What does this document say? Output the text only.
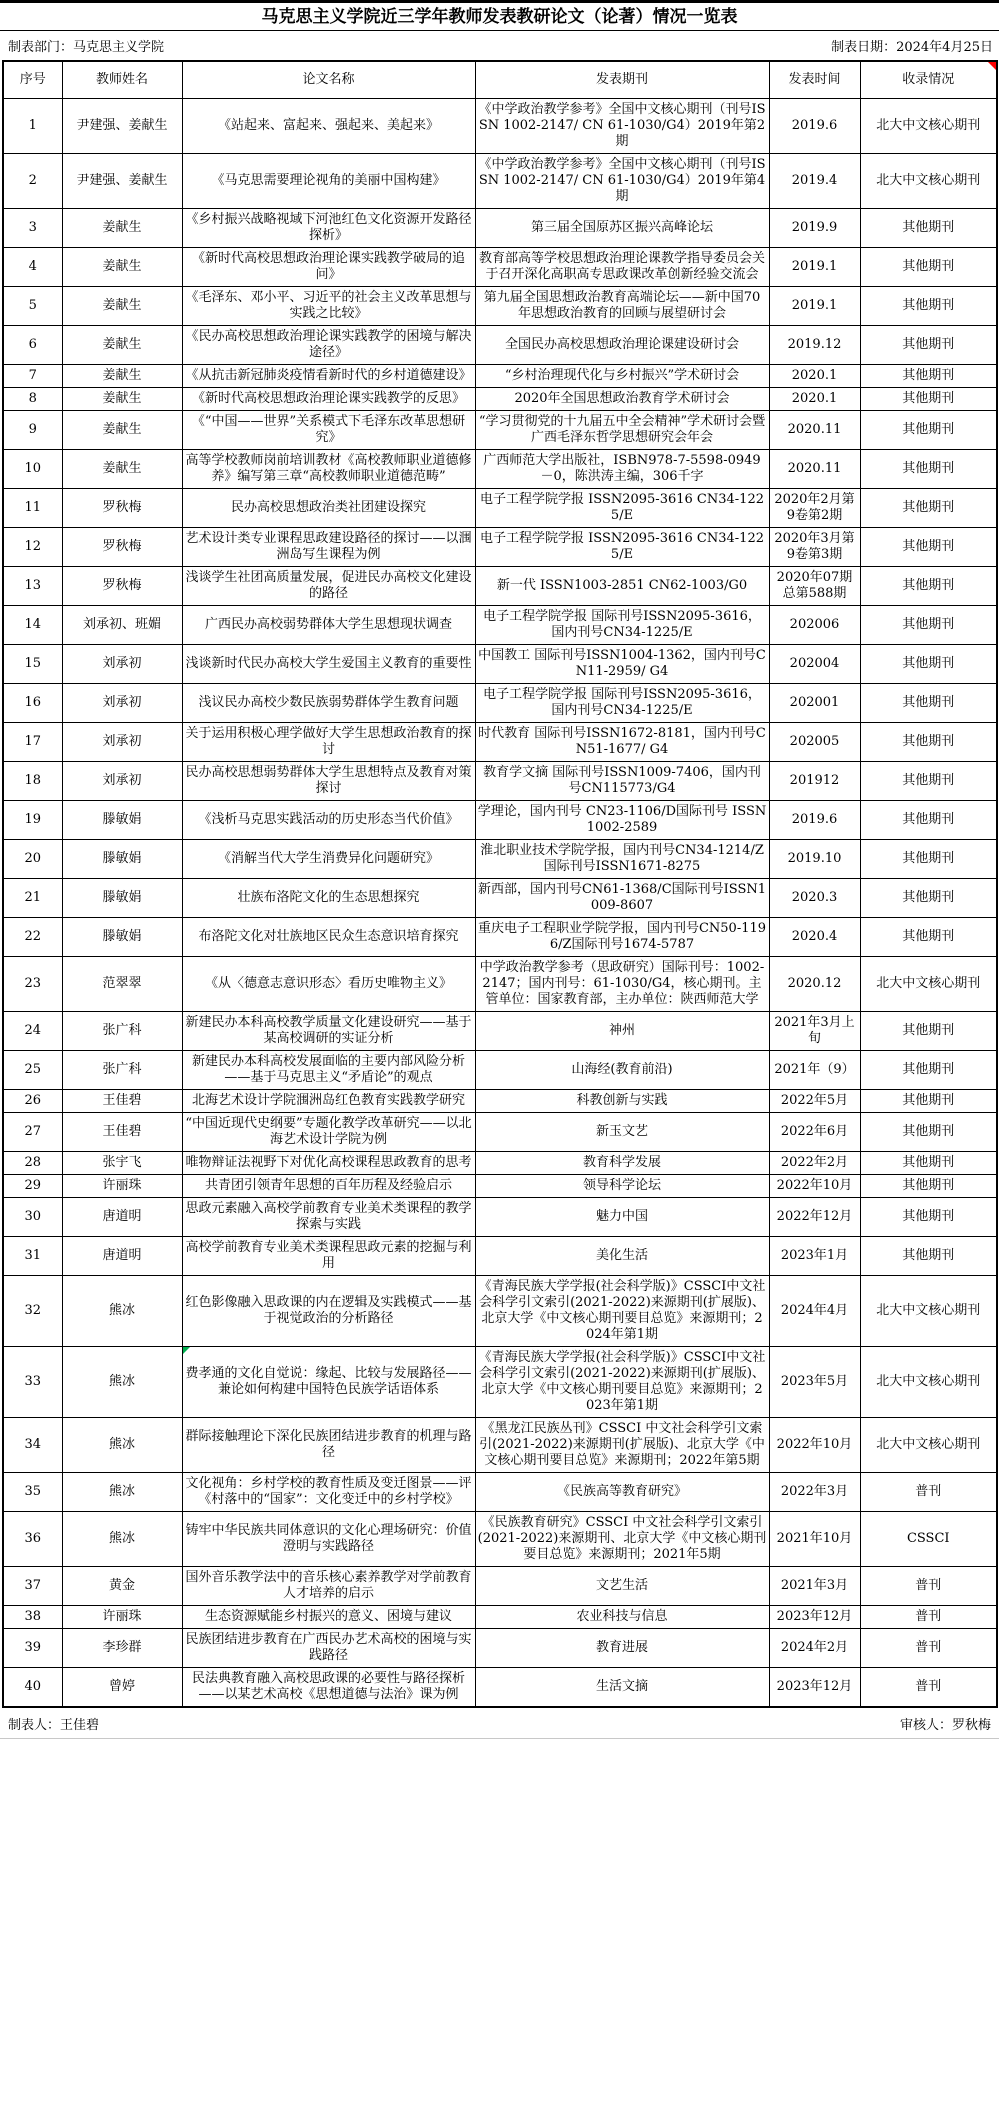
马克思主义学院近三学年教师发表教研论文（论著）情况一览表
制表部门：马克思主义学院	制表日期：2024年4月25日
序号	教师姓名	论文名称	发表期刊	发表时间	收录情况

1	尹建强、姜献生	《站起来、富起来、强起来、美起来》	《中学政治教学参考》全国中文核心期刊（刊号ISSN 1002-2147/ CN 61-1030/G4）2019年第2期	2019.6	北大中文核心期刊
2	尹建强、姜献生	《马克思需要理论视角的美丽中国构建》	《中学政治教学参考》全国中文核心期刊（刊号ISSN 1002-2147/ CN 61-1030/G4）2019年第4期	2019.4	北大中文核心期刊
3	姜献生	《乡村振兴战略视域下河池红色文化资源开发路径探析》	第三届全国原苏区振兴高峰论坛	2019.9	其他期刊
4	姜献生	《新时代高校思想政治理论课实践教学破局的追问》	教育部高等学校思想政治理论课教学指导委员会关于召开深化高职高专思政课改革创新经验交流会	2019.1	其他期刊
5	姜献生	《毛泽东、邓小平、习近平的社会主义改革思想与实践之比较》	第九届全国思想政治教育高端论坛——新中国70年思想政治教育的回顾与展望研讨会	2019.1	其他期刊
6	姜献生	《民办高校思想政治理论课实践教学的困境与解决途径》	全国民办高校思想政治理论课建设研讨会	2019.12	其他期刊
7	姜献生	《从抗击新冠肺炎疫情看新时代的乡村道德建设》	“乡村治理现代化与乡村振兴”学术研讨会	2020.1	其他期刊
8	姜献生	《新时代高校思想政治理论课实践教学的反思》	2020年全国思想政治教育学术研讨会	2020.1	其他期刊
9	姜献生	《“中国——世界”关系模式下毛泽东改革思想研究》	“学习贯彻党的十九届五中全会精神”学术研讨会暨广西毛泽东哲学思想研究会年会	2020.11	其他期刊
10	姜献生	高等学校教师岗前培训教材《高校教师职业道德修养》编写第三章“高校教师职业道德范畴”	广西师范大学出版社，ISBN978-7-5598-0949－0，陈洪涛主编，306千字	2020.11	其他期刊
11	罗秋梅	民办高校思想政治类社团建设探究	电子工程学院学报 ISSN2095-3616 CN34-1225/E	2020年2月第9卷第2期	其他期刊
12	罗秋梅	艺术设计类专业课程思政建设路径的探讨——以涠洲岛写生课程为例	电子工程学院学报 ISSN2095-3616 CN34-1225/E	2020年3月第9卷第3期	其他期刊
13	罗秋梅	浅谈学生社团高质量发展，促进民办高校文化建设的路径	新一代 ISSN1003-2851 CN62-1003/G0	2020年07期总第588期	其他期刊
14	刘承初、班媚	广西民办高校弱势群体大学生思想现状调查	电子工程学院学报 国际刊号ISSN2095-3616，国内刊号CN34-1225/E	202006	其他期刊
15	刘承初	浅谈新时代民办高校大学生爱国主义教育的重要性	中国教工 国际刊号ISSN1004-1362，国内刊号CN11-2959/ G4	202004	其他期刊
16	刘承初	浅议民办高校少数民族弱势群体学生教育问题	电子工程学院学报 国际刊号ISSN2095-3616，国内刊号CN34-1225/E	202001	其他期刊
17	刘承初	关于运用积极心理学做好大学生思想政治教育的探讨	时代教育 国际刊号ISSN1672-8181，国内刊号CN51-1677/ G4	202005	其他期刊
18	刘承初	民办高校思想弱势群体大学生思想特点及教育对策探讨	教育学文摘 国际刊号ISSN1009-7406，国内刊号CN115773/G4	201912	其他期刊
19	滕敏娟	《浅析马克思实践活动的历史形态当代价值》	学理论，国内刊号 CN23-1106/D国际刊号 ISSN 1002-2589	2019.6	其他期刊
20	滕敏娟	《消解当代大学生消费异化问题研究》	淮北职业技术学院学报，国内刊号CN34-1214/Z国际刊号ISSN1671-8275	2019.10	其他期刊
21	滕敏娟	壮族布洛陀文化的生态思想探究	新西部，国内刊号CN61-1368/C国际刊号ISSN1009-8607	2020.3	其他期刊
22	滕敏娟	布洛陀文化对壮族地区民众生态意识培育探究	重庆电子工程职业学院学报，国内刊号CN50-1196/Z国际刊号1674-5787	2020.4	其他期刊
23	范翠翠	《从〈德意志意识形态〉看历史唯物主义》	中学政治教学参考（思政研究）国际刊号：1002-2147；国内刊号：61-1030/G4，核心期刊。主管单位：国家教育部，主办单位：陕西师范大学	2020.12	北大中文核心期刊
24	张广科	新建民办本科高校教学质量文化建设研究——基于某高校调研的实证分析	神州	2021年3月上旬	其他期刊
25	张广科	新建民办本科高校发展面临的主要内部风险分析——基于马克思主义“矛盾论”的观点	山海经(教育前沿)	2021年（9）	其他期刊
26	王佳碧	北海艺术设计学院涠洲岛红色教育实践教学研究	科教创新与实践	2022年5月	其他期刊
27	王佳碧	“中国近现代史纲要”专题化教学改革研究——以北海艺术设计学院为例	新玉文艺	2022年6月	其他期刊
28	张宇飞	唯物辩证法视野下对优化高校课程思政教育的思考	教育科学发展	2022年2月	其他期刊
29	许丽珠	共青团引领青年思想的百年历程及经验启示	领导科学论坛	2022年10月	其他期刊
30	唐道明	思政元素融入高校学前教育专业美术类课程的教学探索与实践	魅力中国	2022年12月	其他期刊
31	唐道明	高校学前教育专业美术类课程思政元素的挖掘与利用	美化生活	2023年1月	其他期刊
32	熊冰	红色影像融入思政课的内在逻辑及实践模式——基于视觉政治的分析路径	《青海民族大学学报(社会科学版)》CSSCI中文社会科学引文索引(2021-2022)来源期刊(扩展版)、北京大学《中文核心期刊要目总览》来源期刊；2024年第1期	2024年4月	北大中文核心期刊
33	熊冰	费孝通的文化自觉说：缘起、比较与发展路径——兼论如何构建中国特色民族学话语体系	《青海民族大学学报(社会科学版)》CSSCI中文社会科学引文索引(2021-2022)来源期刊(扩展版)、北京大学《中文核心期刊要目总览》来源期刊；2023年第1期	2023年5月	北大中文核心期刊
34	熊冰	群际接触理论下深化民族团结进步教育的机理与路径	《黑龙江民族丛刊》CSSCI 中文社会科学引文索引(2021-2022)来源期刊(扩展版)、北京大学《中文核心期刊要目总览》来源期刊；2022年第5期	2022年10月	北大中文核心期刊
35	熊冰	文化视角：乡村学校的教育性质及变迁图景——评《村落中的“国家”：文化变迁中的乡村学校》	《民族高等教育研究》	2022年3月	普刊
36	熊冰	铸牢中华民族共同体意识的文化心理场研究：价值澄明与实践路径	《民族教育研究》CSSCI 中文社会科学引文索引(2021-2022)来源期刊、北京大学《中文核心期刊要目总览》来源期刊；2021年5期	2021年10月	CSSCI
37	黄金	国外音乐教学法中的音乐核心素养教学对学前教育人才培养的启示	文艺生活	2021年3月	普刊
38	许丽珠	生态资源赋能乡村振兴的意义、困境与建议	农业科技与信息	2023年12月	普刊
39	李珍群	民族团结进步教育在广西民办艺术高校的困境与实践路径	教育进展	2024年2月	普刊
40	曾婷	民法典教育融入高校思政课的必要性与路径探析——以某艺术高校《思想道德与法治》课为例	生活文摘	2023年12月	普刊
制表人：王佳碧	审核人：罗秋梅
